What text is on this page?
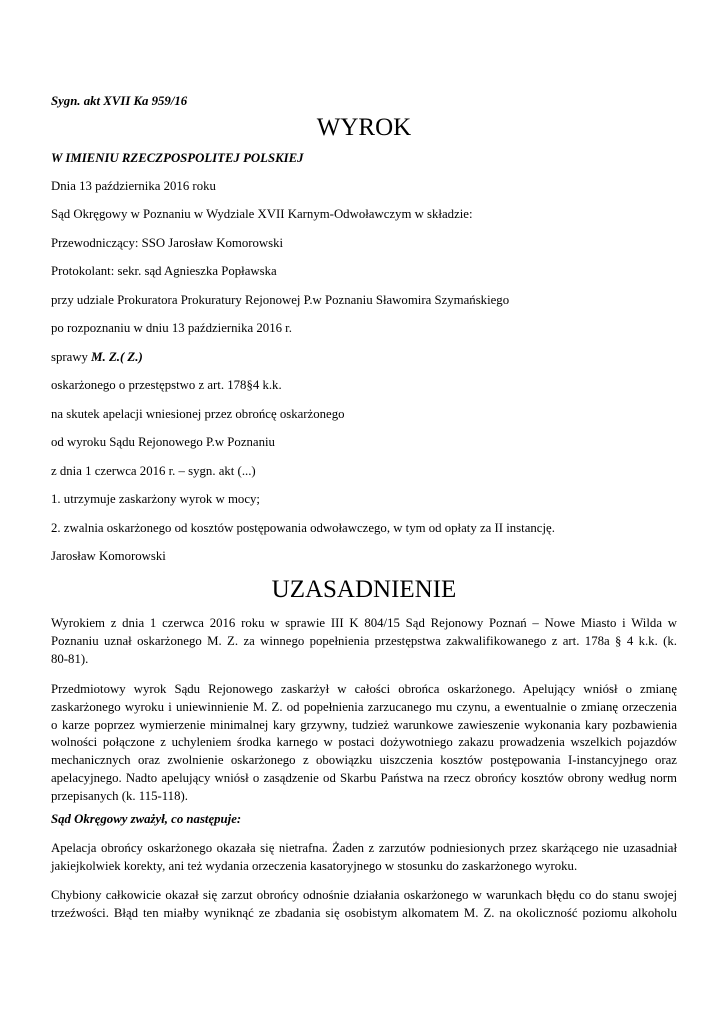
Sygn. akt XVII Ka 959/16
WYROK
W IMIENIU RZECZPOSPOLITEJ POLSKIEJ
Dnia 13 października 2016 roku
Sąd Okręgowy w Poznaniu w Wydziale XVII Karnym-Odwoławczym w składzie:
Przewodniczący: SSO Jarosław Komorowski
Protokolant: sekr. sąd Agnieszka Popławska
przy udziale Prokuratora Prokuratury Rejonowej P.w Poznaniu Sławomira Szymańskiego
po rozpoznaniu w dniu 13 października 2016 r.
sprawy M. Z.( Z.)
oskarżonego o przestępstwo z art. 178§4 k.k.
na skutek apelacji wniesionej przez obrońcę oskarżonego
od wyroku Sądu Rejonowego P.w Poznaniu
z dnia 1 czerwca 2016 r. – sygn. akt (...)
1. utrzymuje zaskarżony wyrok w mocy;
2. zwalnia oskarżonego od kosztów postępowania odwoławczego, w tym od opłaty za II instancję.
Jarosław Komorowski
UZASADNIENIE
Wyrokiem z dnia 1 czerwca 2016 roku w sprawie III K 804/15 Sąd Rejonowy Poznań – Nowe Miasto i Wilda w
Poznaniu uznał oskarżonego M. Z. za winnego popełnienia przestępstwa zakwalifikowanego z art. 178a § 4 k.k. (k.
80-81).
Przedmiotowy wyrok Sądu Rejonowego zaskarżył w całości obrońca oskarżonego. Apelujący wniósł o zmianę
zaskarżonego wyroku i uniewinnienie M. Z. od popełnienia zarzucanego mu czynu, a ewentualnie o zmianę orzeczenia
o karze poprzez wymierzenie minimalnej kary grzywny, tudzież warunkowe zawieszenie wykonania kary pozbawienia
wolności połączone z uchyleniem środka karnego w postaci dożywotniego zakazu prowadzenia wszelkich pojazdów
mechanicznych oraz zwolnienie oskarżonego z obowiązku uiszczenia kosztów postępowania I-instancyjnego oraz
apelacyjnego. Nadto apelujący wniósł o zasądzenie od Skarbu Państwa na rzecz obrońcy kosztów obrony według norm
przepisanych (k. 115-118).
Sąd Okręgowy zważył, co następuje:
Apelacja obrońcy oskarżonego okazała się nietrafna. Żaden z zarzutów podniesionych przez skarżącego nie uzasadniał
jakiejkolwiek korekty, ani też wydania orzeczenia kasatoryjnego w stosunku do zaskarżonego wyroku.
Chybiony całkowicie okazał się zarzut obrońcy odnośnie działania oskarżonego w warunkach błędu co do stanu swojej
trzeźwości. Błąd ten miałby wyniknąć ze zbadania się osobistym alkomatem M. Z. na okoliczność poziomu alkoholu
